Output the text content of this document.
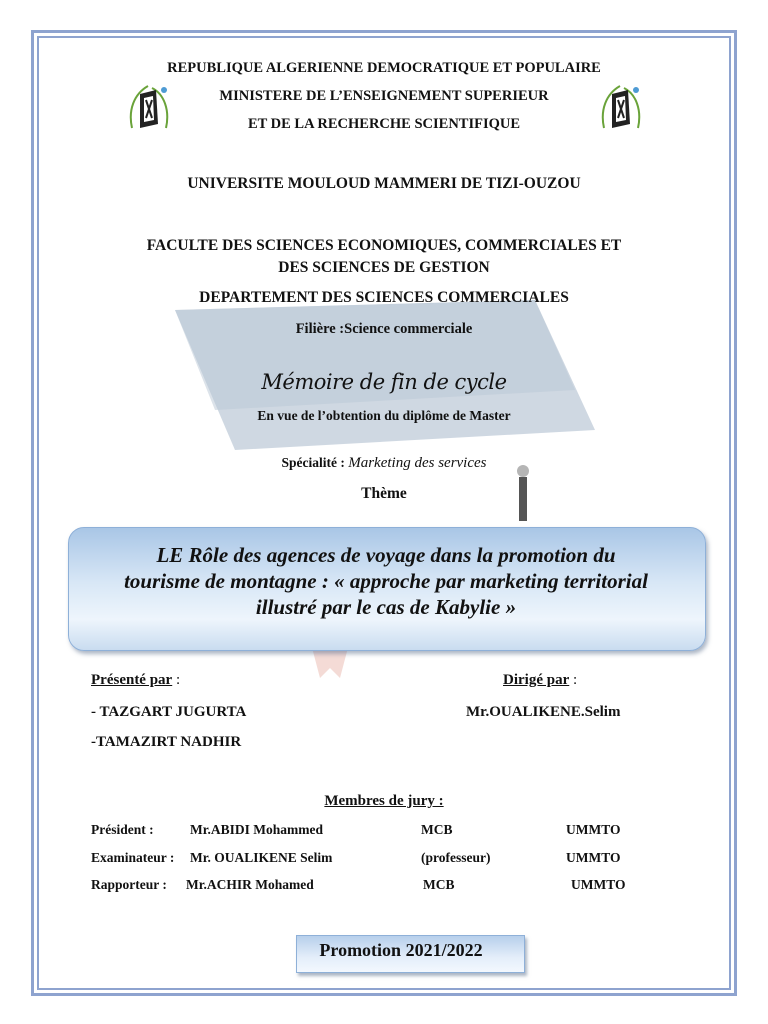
REPUBLIQUE ALGERIENNE DEMOCRATIQUE ET POPULAIRE
MINISTERE DE L’ENSEIGNEMENT SUPERIEUR
ET DE LA RECHERCHE SCIENTIFIQUE
UNIVERSITE MOULOUD MAMMERI DE TIZI-OUZOU
FACULTE DES SCIENCES ECONOMIQUES, COMMERCIALES ET
DES SCIENCES DE GESTION
DEPARTEMENT DES SCIENCES COMMERCIALES
Filière :Science commerciale
Mémoire de fin de cycle
En vue de l’obtention du diplôme de Master
Spécialité : Marketing des services
Thème
LE Rôle des agences de voyage dans la promotion du
tourisme de montagne : « approche par marketing territorial
illustré par le cas de Kabylie »
Présenté par :	Dirigé par :
- TAZGART JUGURTA	Mr.OUALIKENE.Selim
-TAMAZIRT NADHIR
Membres de jury :
Président :	Mr.ABIDI Mohammed	MCB	UMMTO
Examinateur : Mr. OUALIKENE Selim	(professeur)	UMMTO
Rapporteur : Mr.ACHIR Mohamed	MCB	UMMTO
Promotion 2021/2022
